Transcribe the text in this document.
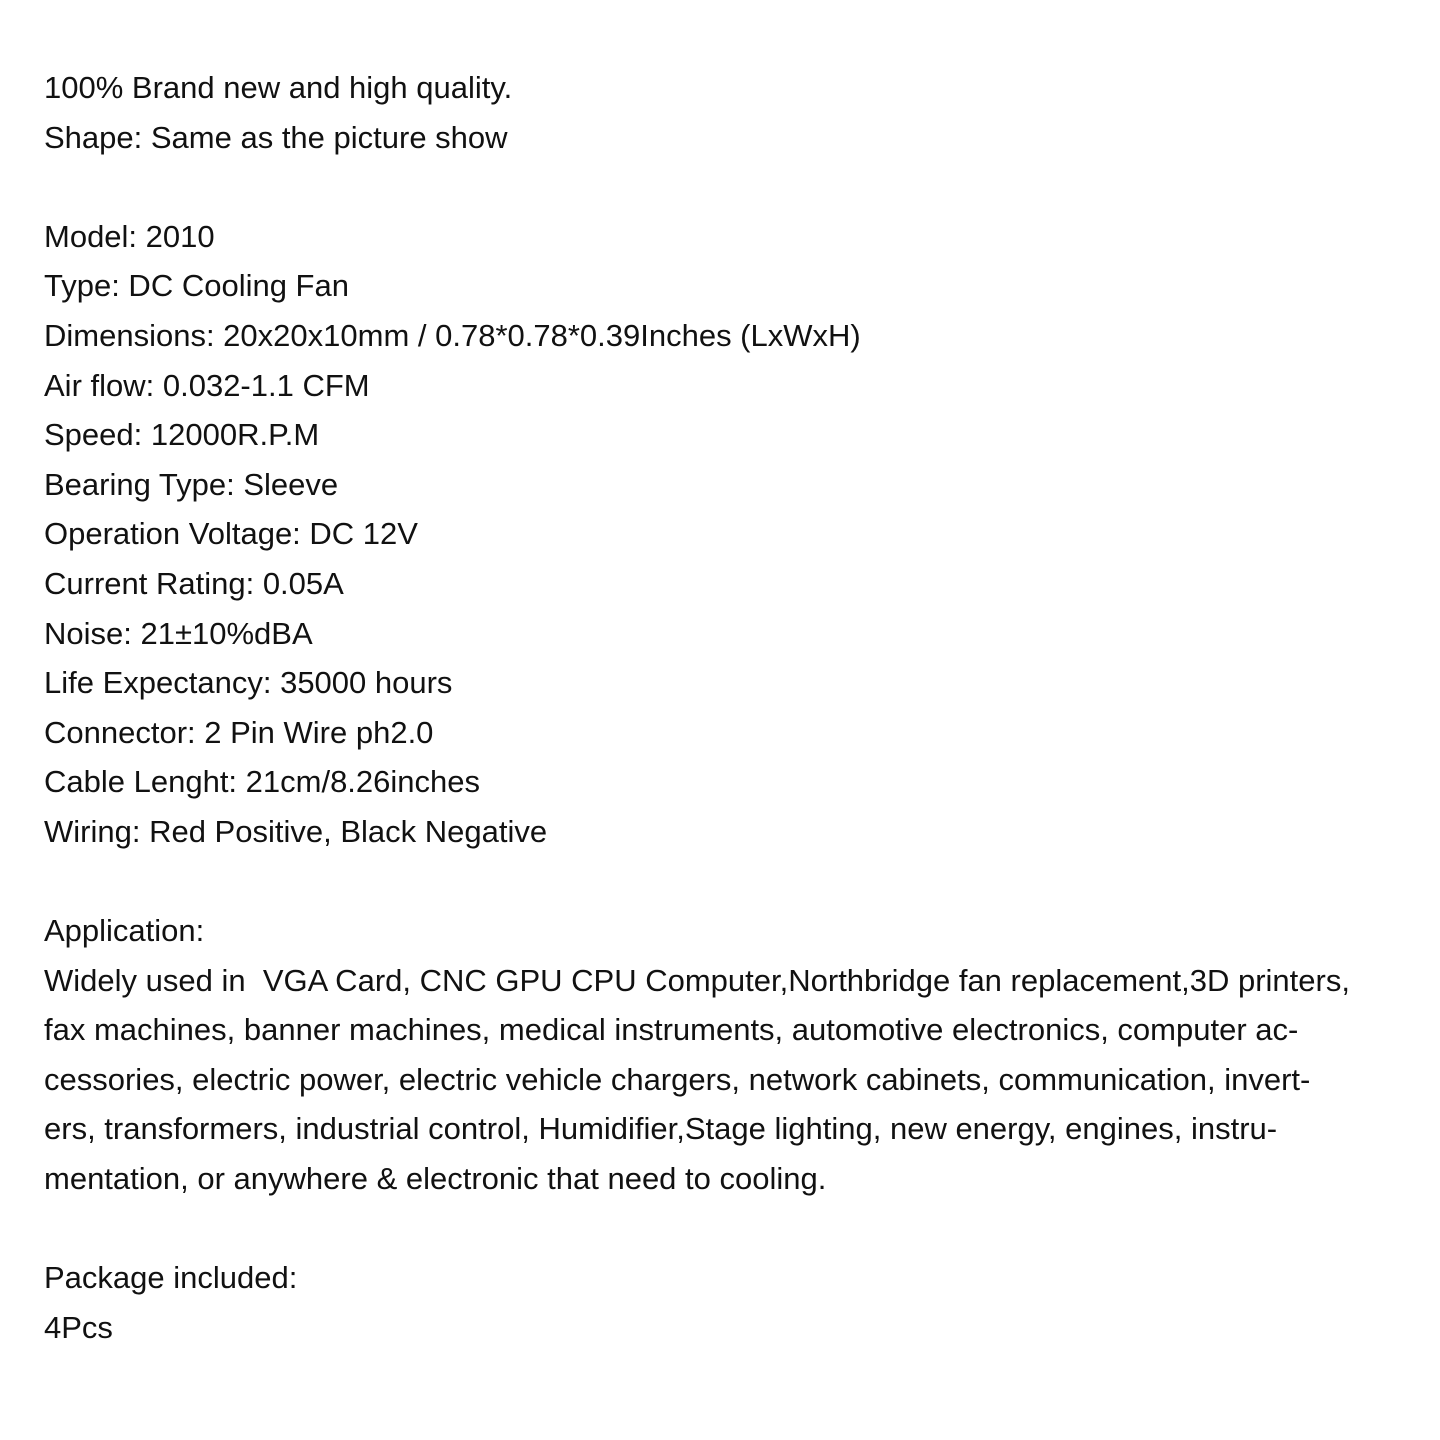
100% Brand new and high quality.
Shape: Same as the picture show
Model: 2010
Type: DC Cooling Fan
Dimensions: 20x20x10mm / 0.78*0.78*0.39Inches (LxWxH)
Air flow: 0.032-1.1 CFM
Speed: 12000R.P.M
Bearing Type: Sleeve
Operation Voltage: DC 12V
Current Rating: 0.05A
Noise: 21±10%dBA
Life Expectancy: 35000 hours
Connector: 2 Pin Wire ph2.0
Cable Lenght: 21cm/8.26inches
Wiring: Red Positive, Black Negative
Application:
Widely used in  VGA Card, CNC GPU CPU Computer,Northbridge fan replacement,3D printers,
fax machines, banner machines, medical instruments, automotive electronics, computer ac-
cessories, electric power, electric vehicle chargers, network cabinets, communication, invert-
ers, transformers, industrial control, Humidifier,Stage lighting, new energy, engines, instru-
mentation, or anywhere & electronic that need to cooling.
Package included:
4Pcs
